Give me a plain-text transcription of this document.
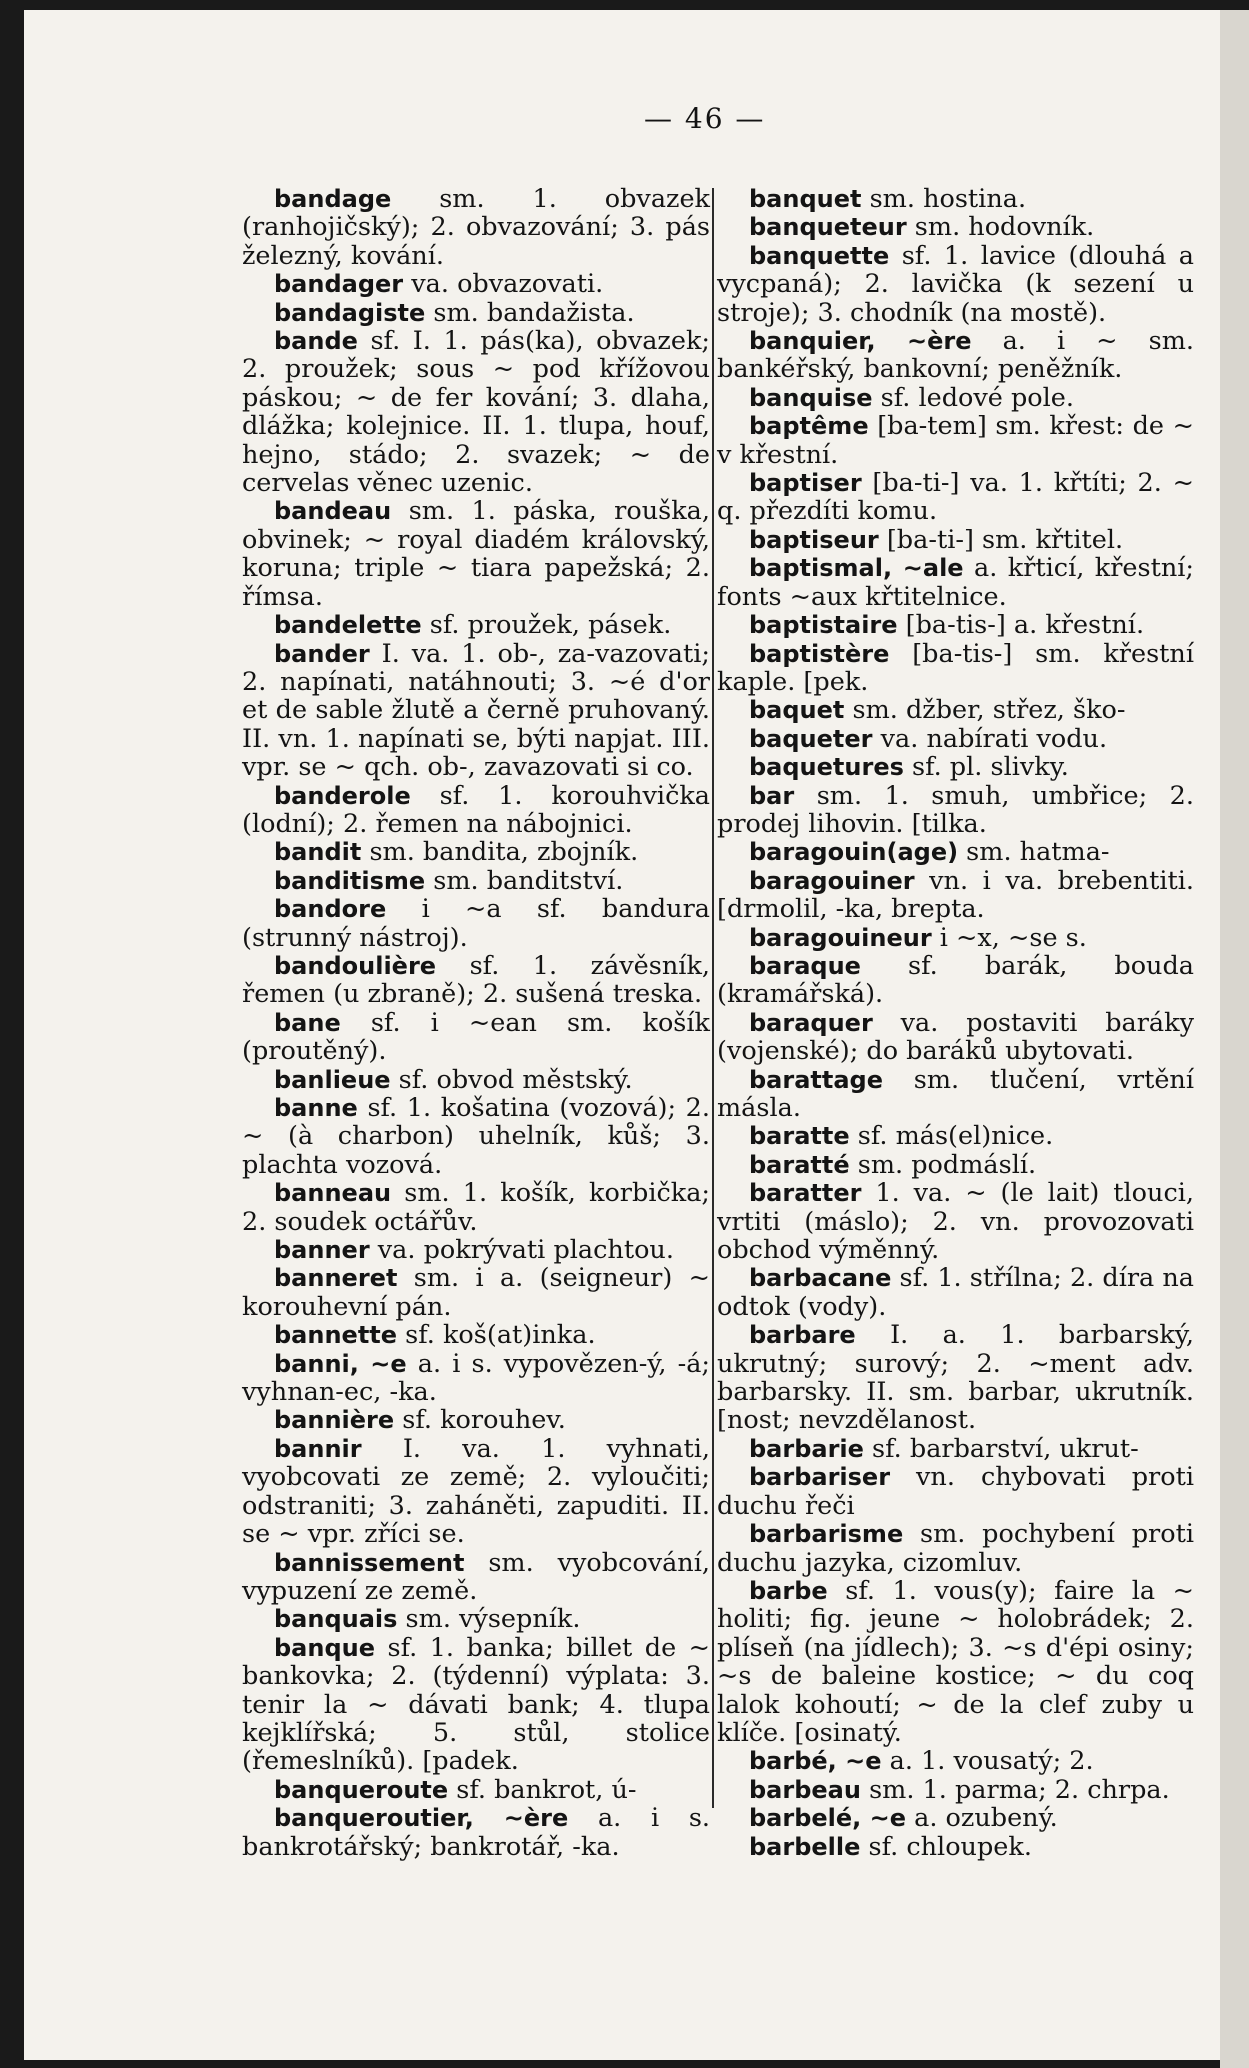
— 46 —

bandage sm. 1. obvazek (ranhojičský); 2. obvazování; 3. pás železný, kování.

bandager va. obvazovati.

bandagiste sm. bandažista.

bande sf. I. 1. pás(ka), obvazek; 2. proužek; sous ~ pod křížovou páskou; ~ de fer kování; 3. dlaha, dlážka; kolejnice. II. 1. tlupa, houf, hejno, stádo; 2. svazek; ~ de cervelas věnec uzenic.

bandeau sm. 1. páska, rouška, obvinek; ~ royal diadém královský, koruna; triple ~ tiara papežská; 2. římsa.

bandelette sf. proužek, pásek.

bander I. va. 1. ob-, za-vazovati; 2. napínati, natáhnouti; 3. ~é d'or et de sable žlutě a černě pruhovaný. II. vn. 1. napínati se, býti napjat. III. vpr. se ~ qch. ob-, zavazovati si co.

banderole sf. 1. korouhvička (lodní); 2. řemen na nábojnici.

bandit sm. bandita, zbojník.

banditisme sm. banditství.

bandore i ~a sf. bandura (strunný nástroj).

bandoulière sf. 1. závěsník, řemen (u zbraně); 2. sušená treska.

bane sf. i ~ean sm. košík (proutěný).

banlieue sf. obvod městský.

banne sf. 1. košatina (vozová); 2. ~ (à charbon) uhelník, kůš; 3. plachta vozová.

banneau sm. 1. košík, korbička; 2. soudek octářův.

banner va. pokrývati plachtou.

banneret sm. i a. (seigneur) ~ korouhevní pán.

bannette sf. koš(at)inka.

banni, ~e a. i s. vypovězen-ý, -á; vyhnan-ec, -ka.

bannière sf. korouhev.

bannir I. va. 1. vyhnati, vyobcovati ze země; 2. vyloučiti; odstraniti; 3. zaháněti, zapuditi. II. se ~ vpr. zříci se.

bannissement sm. vyobcování, vypuzení ze země.

banquais sm. výsepník.

banque sf. 1. banka; billet de ~ bankovka; 2. (týdenní) výplata: 3. tenir la ~ dávati bank; 4. tlupa kejklířská; 5. stůl, stolice (řemeslníků). [padek.

banqueroute sf. bankrot, ú-

banqueroutier, ~ère a. i s. bankrotářský; bankrotář, -ka.

banquet sm. hostina.

banqueteur sm. hodovník.

banquette sf. 1. lavice (dlouhá a vycpaná); 2. lavička (k sezení u stroje); 3. chodník (na mostě).

banquier, ~ère a. i ~ sm. bankéřský, bankovní; peněžník.

banquise sf. ledové pole.

baptême [ba-tem] sm. křest: de ~ v křestní.

baptiser [ba-ti-] va. 1. křtíti; 2. ~ q. přezdíti komu.

baptiseur [ba-ti-] sm. křtitel.

baptismal, ~ale a. křticí, křestní; fonts ~aux křtitelnice.

baptistaire [ba-tis-] a. křestní.

baptistère [ba-tis-] sm. křestní kaple. [pek.

baquet sm. džber, střez, ško-

baqueter va. nabírati vodu.

baquetures sf. pl. slivky.

bar sm. 1. smuh, umbřice; 2. prodej lihovin. [tilka.

baragouin(age) sm. hatma-

baragouiner vn. i va. brebentiti. [drmolil, -ka, brepta.

baragouineur i ~x, ~se s.

baraque sf. barák, bouda (kramářská).

baraquer va. postaviti baráky (vojenské); do baráků ubytovati.

barattage sm. tlučení, vrtění másla.

baratte sf. más(el)nice.

baratté sm. podmáslí.

baratter 1. va. ~ (le lait) tlouci, vrtiti (máslo); 2. vn. provozovati obchod výměnný.

barbacane sf. 1. střílna; 2. díra na odtok (vody).

barbare I. a. 1. barbarský, ukrutný; surový; 2. ~ment adv. barbarsky. II. sm. barbar, ukrutník. [nost; nevzdělanost.

barbarie sf. barbarství, ukrut-

barbariser vn. chybovati proti duchu řeči

barbarisme sm. pochybení proti duchu jazyka, cizomluv.

barbe sf. 1. vous(y); faire la ~ holiti; fig. jeune ~ holobrádek; 2. plíseň (na jídlech); 3. ~s d'épi osiny; ~s de baleine kostice; ~ du coq lalok kohoutí; ~ de la clef zuby u klíče. [osinatý.

barbé, ~e a. 1. vousatý; 2.

barbeau sm. 1. parma; 2. chrpa.

barbelé, ~e a. ozubený.

barbelle sf. chloupek.
